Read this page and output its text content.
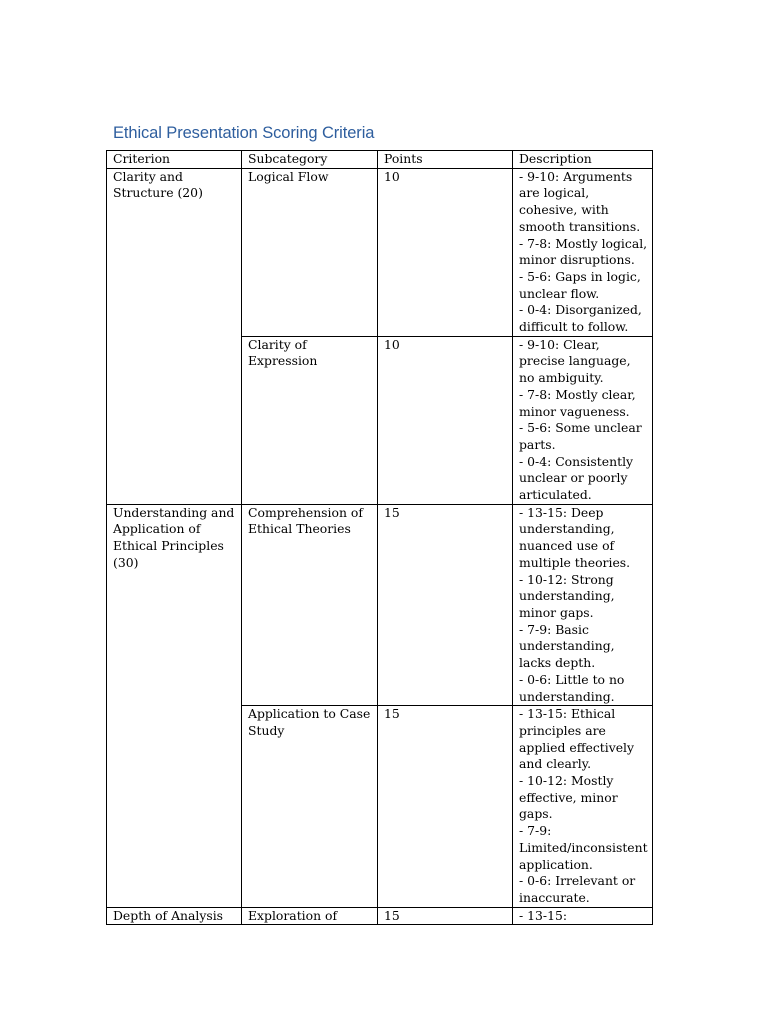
Ethical Presentation Scoring Criteria
Criterion	Subcategory	Points	Description
Clarity and Structure (20)	Logical Flow	10	- 9-10: Arguments are logical, cohesive, with smooth transitions.
- 7-8: Mostly logical, minor disruptions.
- 5-6: Gaps in logic, unclear flow.
- 0-4: Disorganized, difficult to follow.

	Clarity of Expression	10	- 9-10: Clear, precise language, no ambiguity.
- 7-8: Mostly clear, minor vagueness.
- 5-6: Some unclear parts.
- 0-4: Consistently unclear or poorly articulated.

Understanding and Application of Ethical Principles (30)	Comprehension of Ethical Theories	15	- 13-15: Deep understanding, nuanced use of multiple theories.
- 10-12: Strong understanding, minor gaps.
- 7-9: Basic understanding, lacks depth.
- 0-6: Little to no understanding.

	Application to Case Study	15	- 13-15: Ethical principles are applied effectively and clearly.
- 10-12: Mostly effective, minor gaps.
- 7-9: Limited/inconsistent application.
- 0-6: Irrelevant or inaccurate.

Depth of Analysis	Exploration of	15	- 13-15:
